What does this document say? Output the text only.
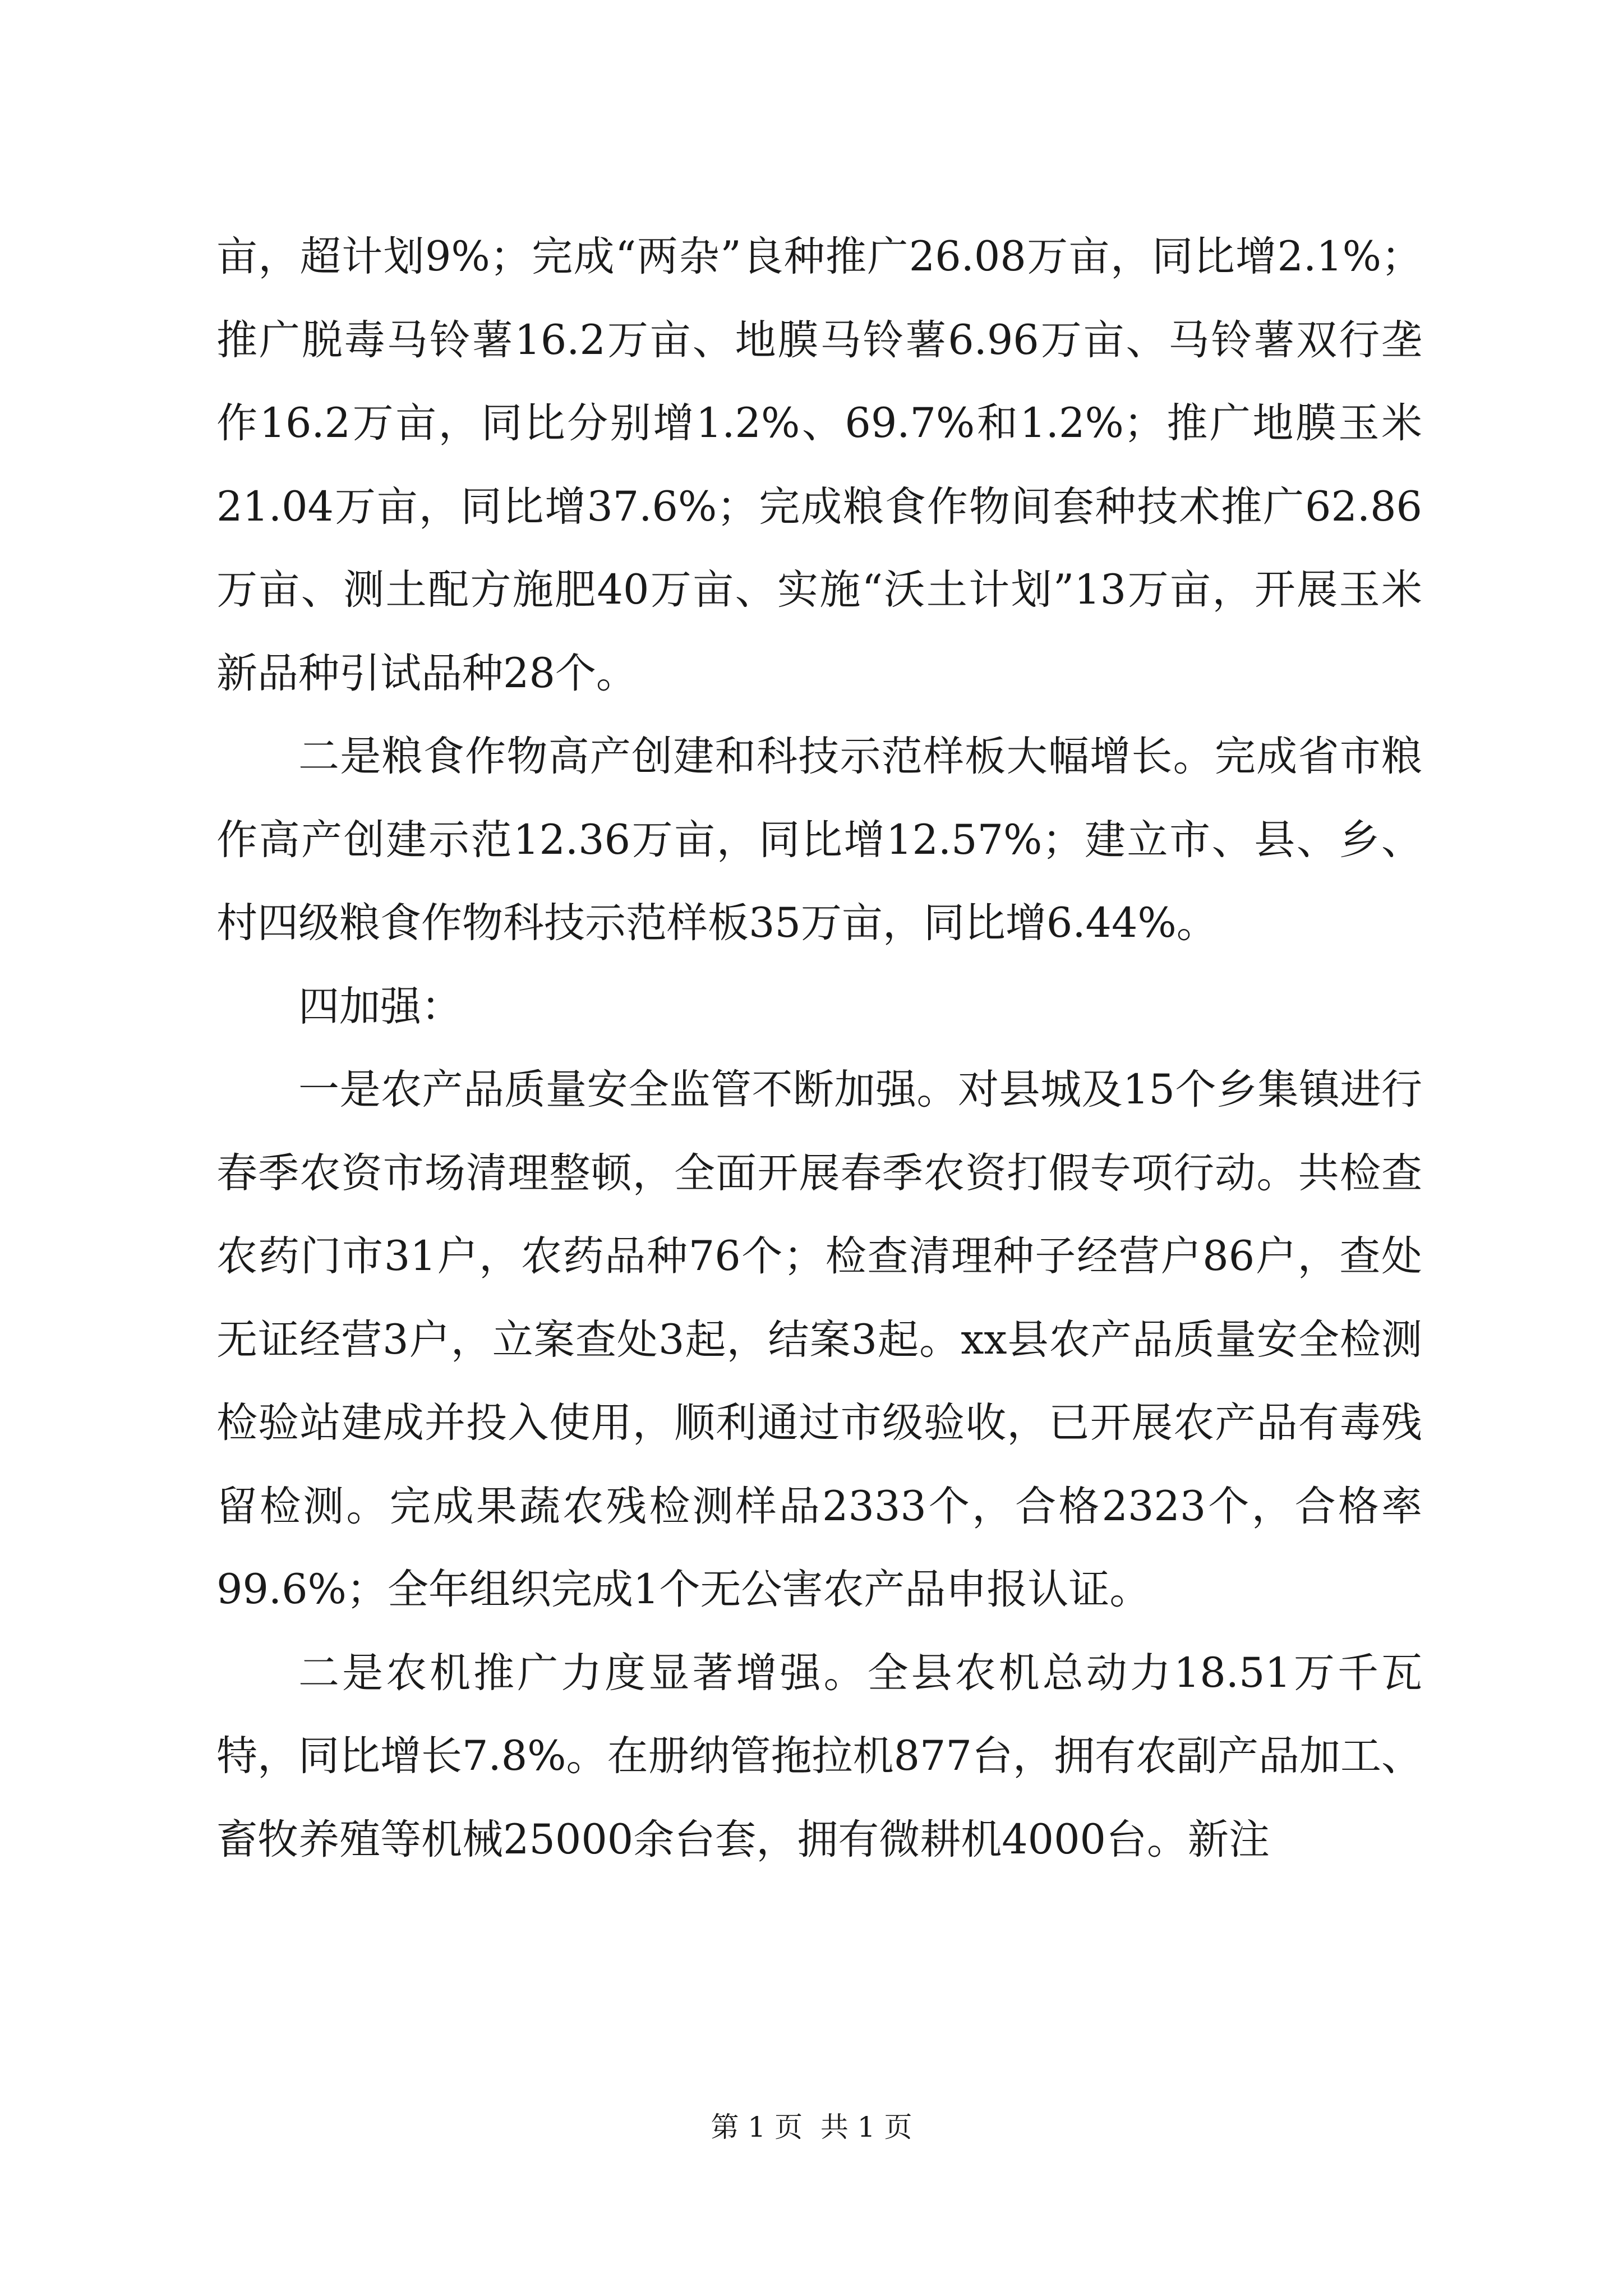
亩，超计划9%；完成“两杂”良种推广26.08万亩，同比增2.1%；推广脱毒马铃薯16.2万亩、地膜马铃薯6.96万亩、马铃薯双行垄作16.2万亩，同比分别增1.2%、69.7%和1.2%；推广地膜玉米21.04万亩，同比增37.6%；完成粮食作物间套种技术推广62.86万亩、测土配方施肥40万亩、实施“沃土计划”13万亩，开展玉米新品种引试品种28个。

二是粮食作物高产创建和科技示范样板大幅增长。完成省市粮作高产创建示范12.36万亩，同比增12.57%；建立市、县、乡、村四级粮食作物科技示范样板35万亩，同比增6.44%。

四加强：

一是农产品质量安全监管不断加强。对县城及15个乡集镇进行春季农资市场清理整顿，全面开展春季农资打假专项行动。共检查农药门市31户，农药品种76个；检查清理种子经营户86户，查处无证经营3户，立案查处3起，结案3起。xx县农产品质量安全检测检验站建成并投入使用，顺利通过市级验收，已开展农产品有毒残留检测。完成果蔬农残检测样品2333个，合格2323个，合格率99.6%；全年组织完成1个无公害农产品申报认证。

二是农机推广力度显著增强。全县农机总动力18.51万千瓦特，同比增长7.8%。在册纳管拖拉机877台，拥有农副产品加工、畜牧养殖等机械25000余台套，拥有微耕机4000台。新注

第 1 页  共 1 页
